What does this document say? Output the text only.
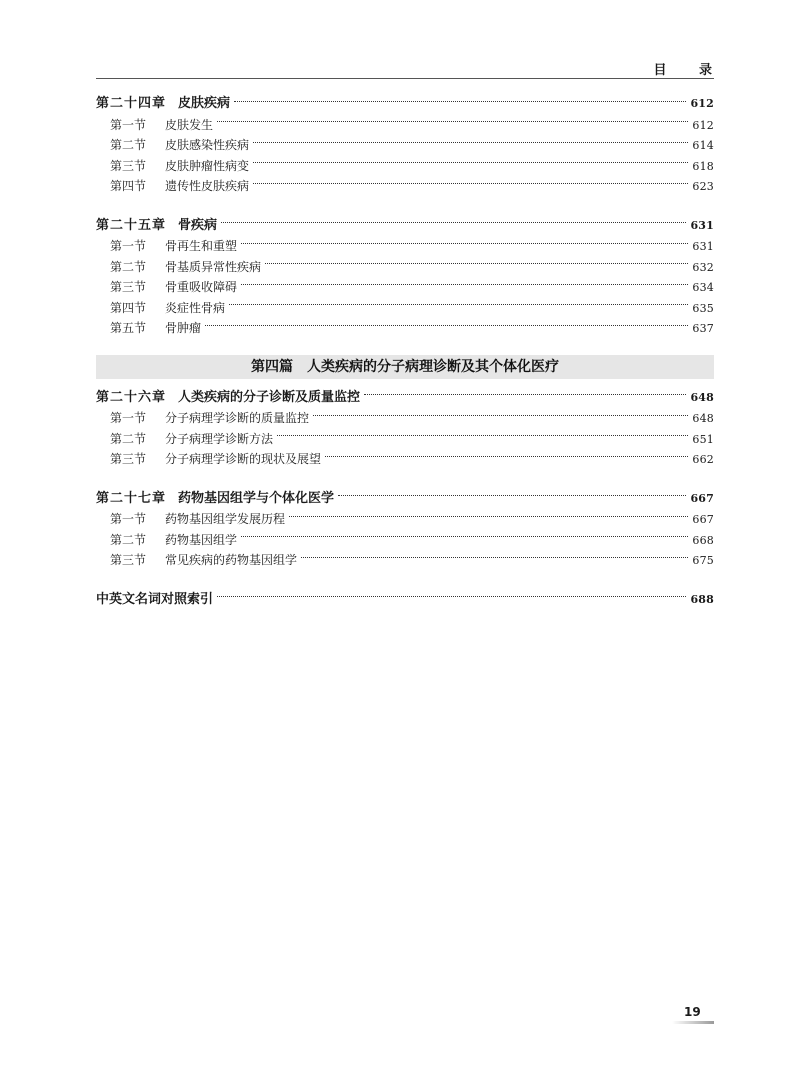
目 录
第二十四章 皮肤疾病	612
第一节 皮肤发生	612
第二节 皮肤感染性疾病	614
第三节 皮肤肿瘤性病变	618
第四节 遗传性皮肤疾病	623
第二十五章 骨疾病	631
第一节 骨再生和重塑	631
第二节 骨基质异常性疾病	632
第三节 骨重吸收障碍	634
第四节 炎症性骨病	635
第五节 骨肿瘤	637
第四篇 人类疾病的分子病理诊断及其个体化医疗
第二十六章 人类疾病的分子诊断及质量监控	648
第一节 分子病理学诊断的质量监控	648
第二节 分子病理学诊断方法	651
第三节 分子病理学诊断的现状及展望	662
第二十七章 药物基因组学与个体化医学	667
第一节 药物基因组学发展历程	667
第二节 药物基因组学	668
第三节 常见疾病的药物基因组学	675
中英文名词对照索引	688
19
